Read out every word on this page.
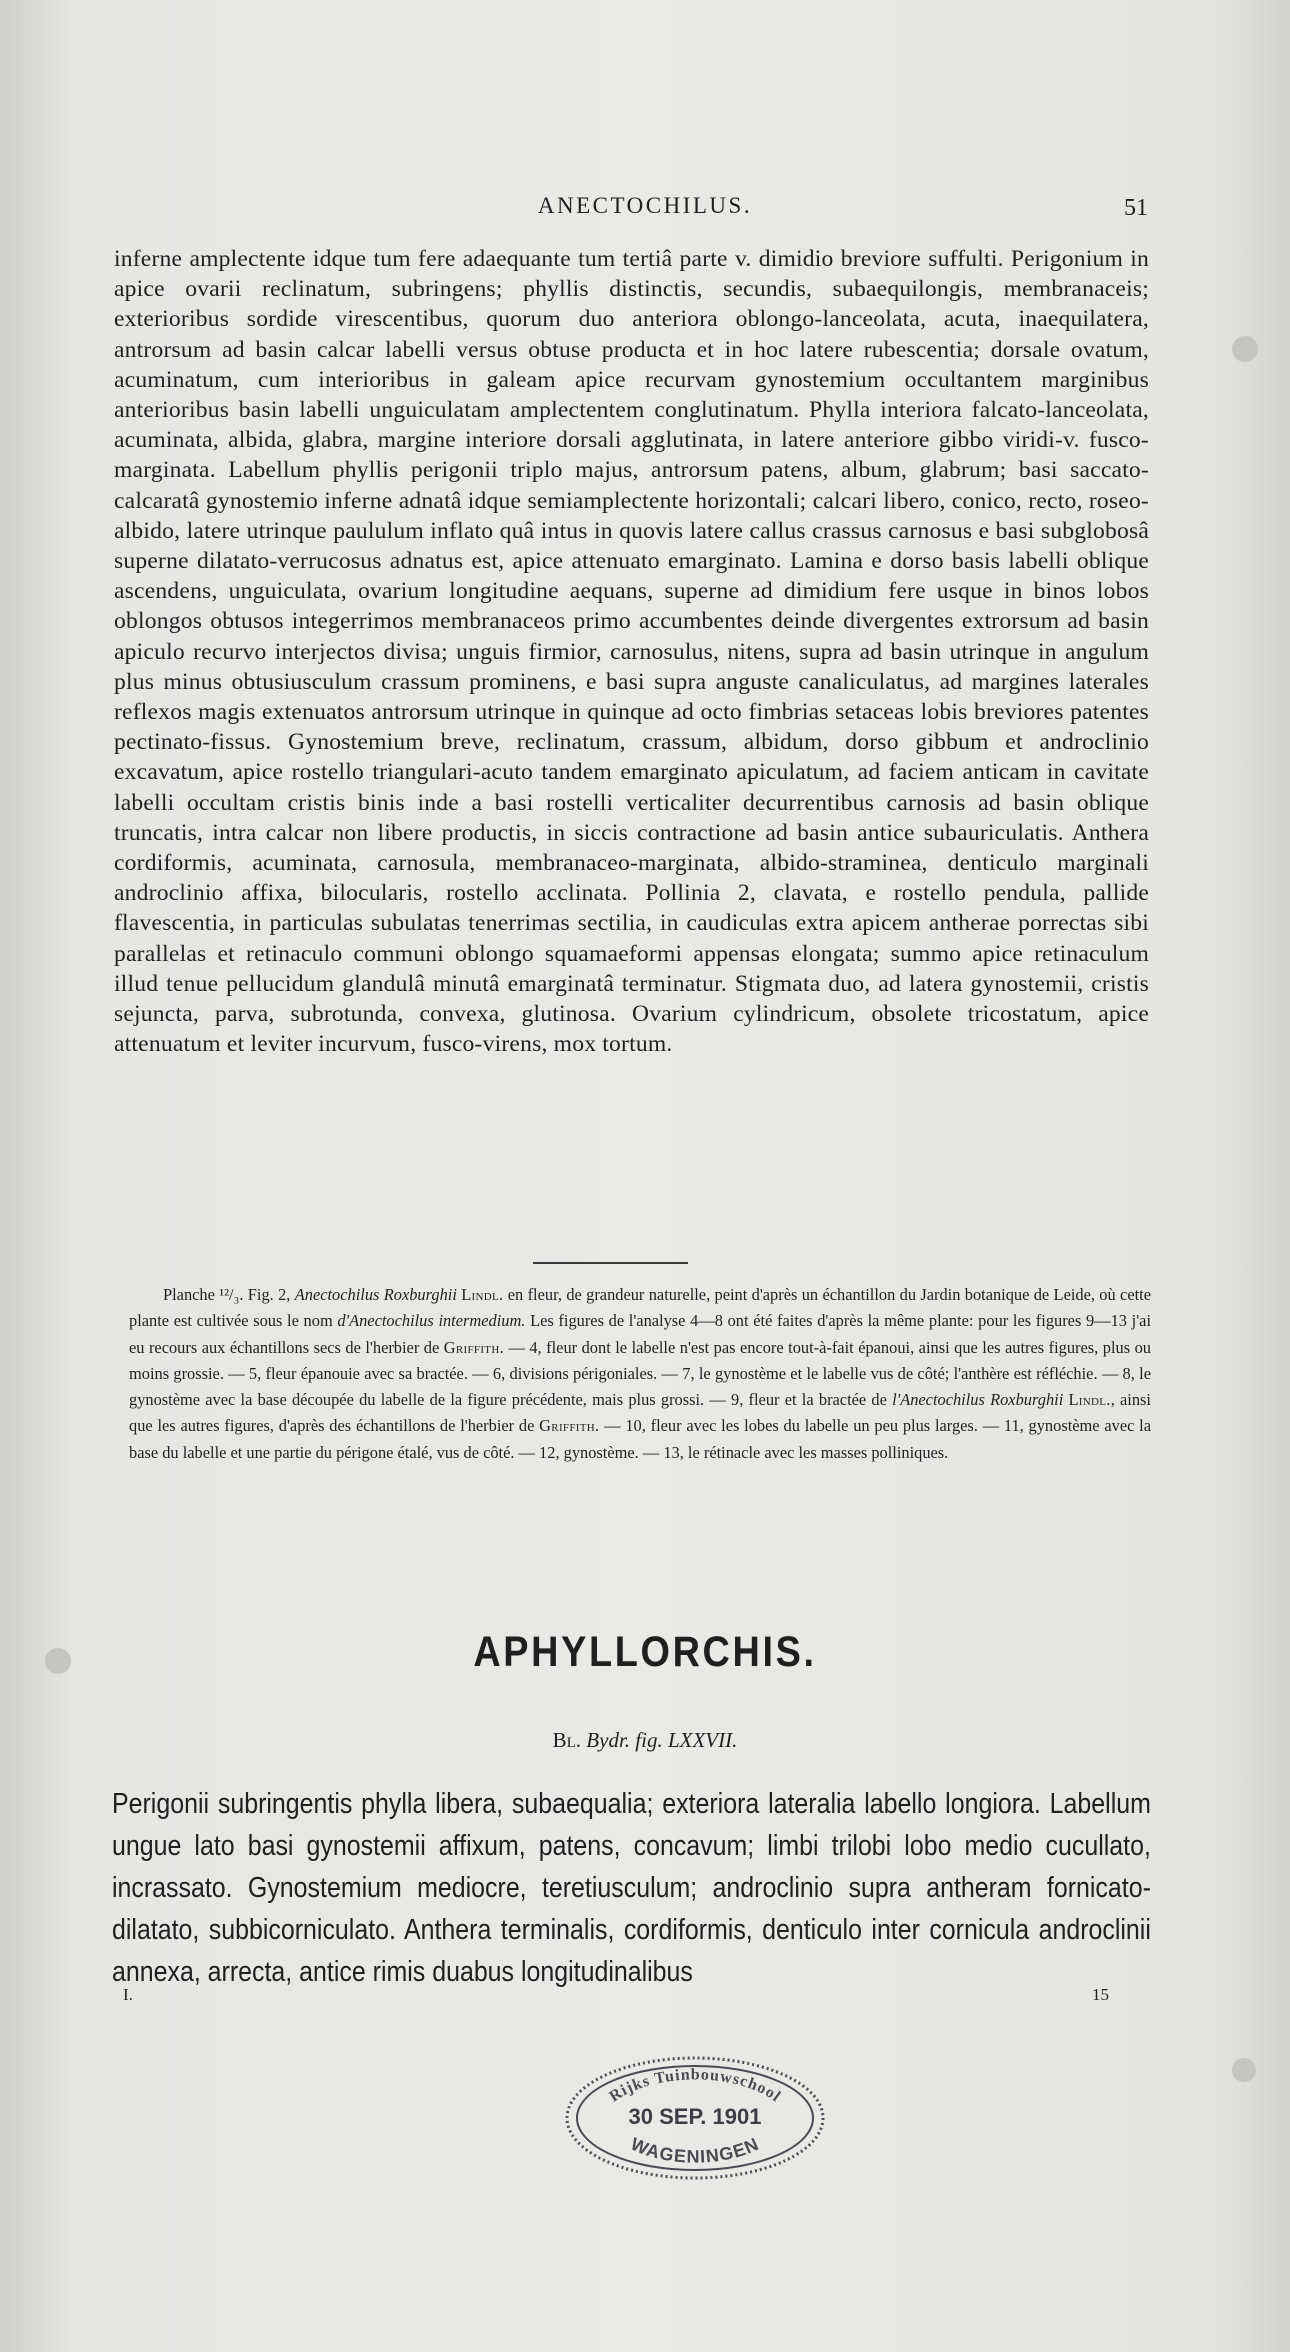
ANECTOCHILUS.	51

inferne amplectente idque tum fere adaequante tum tertiâ parte v. dimidio breviore suffulti. Perigonium in apice ovarii reclinatum, subringens; phyllis distinctis, secundis, subaequilongis, membranaceis; exterioribus sordide virescentibus, quorum duo anteriora oblongo-lanceolata, acuta, inaequilatera, antrorsum ad basin calcar labelli versus obtuse producta et in hoc latere rubescentia; dorsale ovatum, acuminatum, cum interioribus in galeam apice recurvam gynostemium occultantem marginibus anterioribus basin labelli unguiculatam amplectentem conglutinatum. Phylla interiora falcato-lanceolata, acuminata, albida, glabra, margine interiore dorsali agglutinata, in latere anteriore gibbo viridi-v. fusco-marginata. Labellum phyllis perigonii triplo majus, antrorsum patens, album, glabrum; basi saccato-calcaratâ gynostemio inferne adnatâ idque semiamplectente horizontali; calcari libero, conico, recto, roseo-albido, latere utrinque paululum inflato quâ intus in quovis latere callus crassus carnosus e basi subglobosâ superne dilatato-verrucosus adnatus est, apice attenuato emarginato. Lamina e dorso basis labelli oblique ascendens, unguiculata, ovarium longitudine aequans, superne ad dimidium fere usque in binos lobos oblongos obtusos integerrimos membranaceos primo accumbentes deinde divergentes extrorsum ad basin apiculo recurvo interjectos divisa; unguis firmior, carnosulus, nitens, supra ad basin utrinque in angulum plus minus obtusiusculum crassum prominens, e basi supra anguste canaliculatus, ad margines laterales reflexos magis extenuatos antrorsum utrinque in quinque ad octo fimbrias setaceas lobis breviores patentes pectinato-fissus. Gynostemium breve, reclinatum, crassum, albidum, dorso gibbum et androclinio excavatum, apice rostello triangulari-acuto tandem emarginato apiculatum, ad faciem anticam in cavitate labelli occultam cristis binis inde a basi rostelli verticaliter decurrentibus carnosis ad basin oblique truncatis, intra calcar non libere productis, in siccis contractione ad basin antice subauriculatis. Anthera cordiformis, acuminata, carnosula, membranaceo-marginata, albido-straminea, denticulo marginali androclinio affixa, bilocularis, rostello acclinata. Pollinia 2, clavata, e rostello pendula, pallide flavescentia, in particulas subulatas tenerrimas sectilia, in caudiculas extra apicem antherae porrectas sibi parallelas et retinaculo communi oblongo squamaeformi appensas elongata; summo apice retinaculum illud tenue pellucidum glandulâ minutâ emarginatâ terminatur. Stigmata duo, ad latera gynostemii, cristis sejuncta, parva, subrotunda, convexa, glutinosa. Ovarium cylindricum, obsolete tricostatum, apice attenuatum et leviter incurvum, fusco-virens, mox tortum.

Planche ¹²/₃. Fig. 2, Anectochilus Roxburghii Lindl. en fleur, de grandeur naturelle, peint d'après un échantillon du Jardin botanique de Leide, où cette plante est cultivée sous le nom d'Anectochilus intermedium. Les figures de l'analyse 4—8 ont été faites d'après la même plante: pour les figures 9—13 j'ai eu recours aux échantillons secs de l'herbier de Griffith. — 4, fleur dont le labelle n'est pas encore tout-à-fait épanoui, ainsi que les autres figures, plus ou moins grossie. — 5, fleur épanouie avec sa bractée. — 6, divisions périgoniales. — 7, le gynostème et le labelle vus de côté; l'anthère est réfléchie. — 8, le gynostème avec la base découpée du labelle de la figure précédente, mais plus grossi. — 9, fleur et la bractée de l'Anectochilus Roxburghii Lindl., ainsi que les autres figures, d'après des échantillons de l'herbier de Griffith. — 10, fleur avec les lobes du labelle un peu plus larges. — 11, gynostème avec la base du labelle et une partie du périgone étalé, vus de côté. — 12, gynostème. — 13, le rétinacle avec les masses polliniques.

APHYLLORCHIS.
Bl. Bydr. fig. LXXVII.

Perigonii subringentis phylla libera, subaequalia; exteriora lateralia labello longiora. Labellum ungue lato basi gynostemii affixum, patens, concavum; limbi trilobi lobo medio cucullato, incrassato. Gynostemium mediocre, teretiusculum; androclinio supra antheram fornicato-dilatato, subbicorniculato. Anthera terminalis, cordiformis, denticulo inter cornicula androclinii annexa, arrecta, antice rimis duabus longitudinalibus

I.	15
Rijks Tuinbouwschool
30 SEP. 1901
WAGENINGEN
